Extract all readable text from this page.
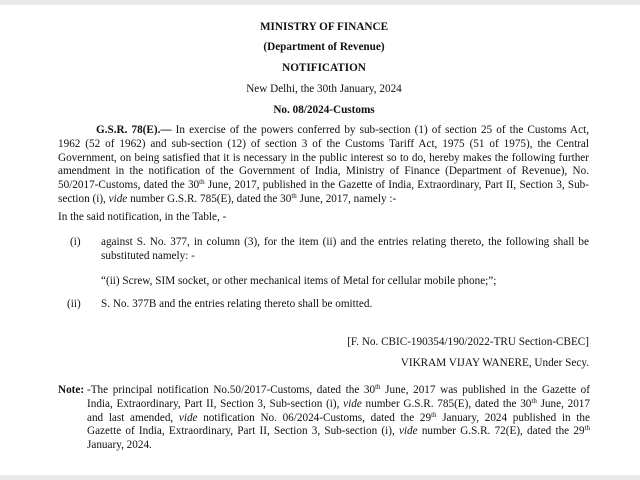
MINISTRY OF FINANCE
(Department of Revenue)
NOTIFICATION
New Delhi, the 30th January, 2024
No. 08/2024-Customs
G.S.R. 78(E).— In exercise of the powers conferred by sub-section (1) of section 25 of the Customs Act,
1962 (52 of 1962) and sub-section (12) of section 3 of the Customs Tariff Act, 1975 (51 of 1975), the Central
Government, on being satisfied that it is necessary in the public interest so to do, hereby makes the following further
amendment in the notification of the Government of India, Ministry of Finance (Department of Revenue), No.
50/2017-Customs, dated the 30th June, 2017, published in the Gazette of India, Extraordinary, Part II, Section 3, Sub-
section (i), vide number G.S.R. 785(E), dated the 30th June, 2017, namely :-
In the said notification, in the Table, -
(i) against S. No. 377, in column (3), for the item (ii) and the entries relating thereto, the following shall be
substituted namely: -
“(ii) Screw, SIM socket, or other mechanical items of Metal for cellular mobile phone;”;
(ii) S. No. 377B and the entries relating thereto shall be omitted.
[F. No. CBIC-190354/190/2022-TRU Section-CBEC]
VIKRAM VIJAY WANERE, Under Secy.
Note: -The principal notification No.50/2017-Customs, dated the 30th June, 2017 was published in the Gazette of
India, Extraordinary, Part II, Section 3, Sub-section (i), vide number G.S.R. 785(E), dated the 30th June, 2017
and last amended, vide notification No. 06/2024-Customs, dated the 29th January, 2024 published in the
Gazette of India, Extraordinary, Part II, Section 3, Sub-section (i), vide number G.S.R. 72(E), dated the 29th
January, 2024.
